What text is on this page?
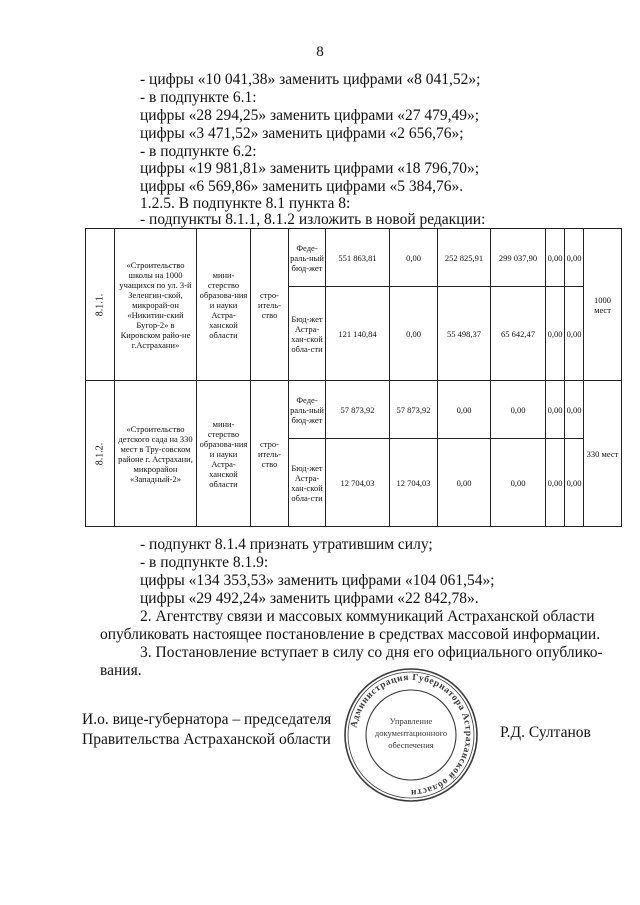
8
- цифры «10 041,38» заменить цифрами «8 041,52»;
- в подпункте 6.1:
цифры «28 294,25» заменить цифрами «27 479,49»;
цифры «3 471,52» заменить цифрами «2 656,76»;
- в подпункте 6.2:
цифры «19 981,81» заменить цифрами «18 796,70»;
цифры «6 569,86» заменить цифрами «5 384,76».
1.2.5. В подпункте 8.1 пункта 8:
- подпункты 8.1.1, 8.1.2 изложить в новой редакции:
8.1.1.	«Строительство школы на 1000 учащихся по ул. 3-й Зеленгин-ской, микрорай-он «Никитин-ский Бугор-2» в Кировском райо-не г.Астрахани»	мини-стерство образова-ния и науки Астра-ханской области	стро-итель-ство	Феде-раль-ный бюд-жет	551 863,81	0,00	252 825,91	299 037,90	0,00	0,00	1000 мест
				Бюд-жет Астра-хан-ской обла-сти	121 140,84	0,00	55 498,37	65 642,47	0,00	0,00	
8.1.2.	«Строительство детского сада на 330 мест в Тру-совском районе г. Астрахани, микрорайон «Западный-2»	мини-стерство образова-ния и науки Астра-ханской области	стро-итель-ство	Феде-раль-ный бюд-жет	57 873,92	57 873,92	0,00	0,00	0,00	0,00	330 мест
				Бюд-жет Астра-хан-ской обла-сти	12 704,03	12 704,03	0,00	0,00	0,00	0,00	
- подпункт 8.1.4 признать утратившим силу;
- в подпункте 8.1.9:
цифры «134 353,53» заменить цифрами «104 061,54»;
цифры «29 492,24» заменить цифрами «22 842,78».
2. Агентству связи и массовых коммуникаций Астраханской области
опубликовать настоящее постановление в средствах массовой информации.
3. Постановление вступает в силу со дня его официального опублико-
вания.
И.о. вице-губернатора – председателя
Правительства Астраханской области
Администрация Губернатора Астраханской области
Управление
документационного
обеспечения
Р.Д. Султанов
